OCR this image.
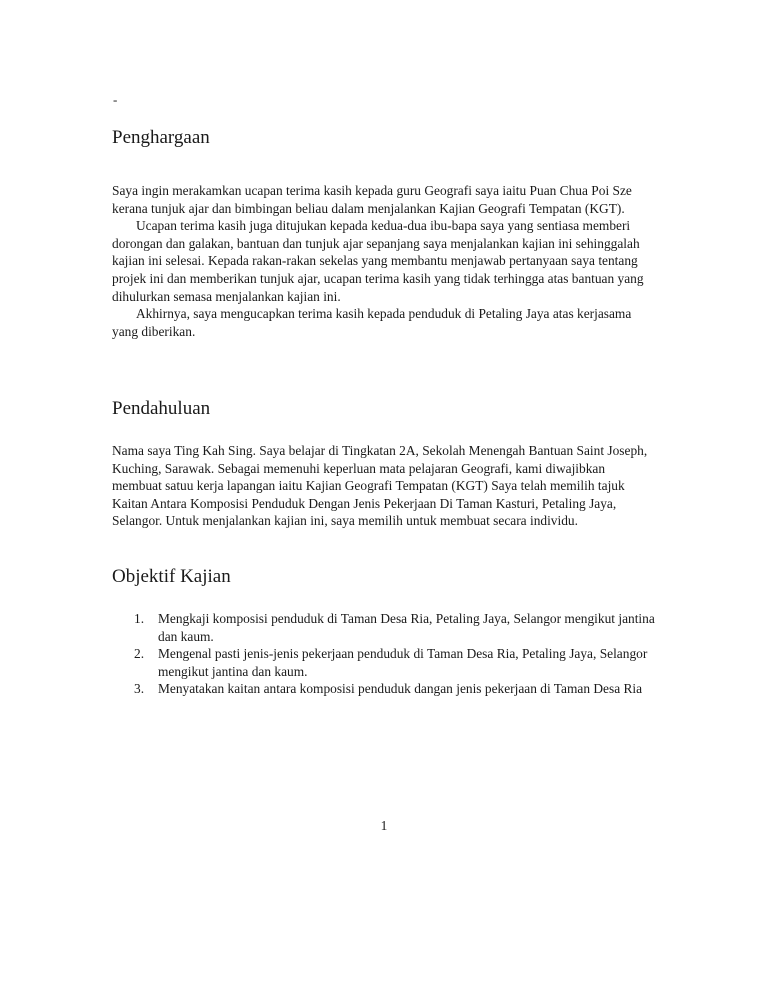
-
Penghargaan

Saya ingin merakamkan ucapan terima kasih kepada guru Geografi saya iaitu Puan Chua Poi Sze kerana tunjuk ajar dan bimbingan beliau dalam menjalankan Kajian Geografi Tempatan (KGT).

Ucapan terima kasih juga ditujukan kepada kedua-dua ibu-bapa saya yang sentiasa memberi dorongan dan galakan, bantuan dan tunjuk ajar sepanjang saya menjalankan kajian ini sehinggalah kajian ini selesai. Kepada rakan-rakan sekelas yang membantu menjawab pertanyaan saya tentang projek ini dan memberikan tunjuk ajar, ucapan terima kasih yang tidak terhingga atas bantuan yang dihulurkan semasa menjalankan kajian ini.

Akhirnya, saya mengucapkan terima kasih kepada penduduk di Petaling Jaya atas kerjasama yang diberikan.

Pendahuluan

Nama saya Ting Kah Sing. Saya belajar di Tingkatan 2A, Sekolah Menengah Bantuan Saint Joseph, Kuching, Sarawak. Sebagai memenuhi keperluan mata pelajaran Geografi, kami diwajibkan membuat satuu kerja lapangan iaitu Kajian Geografi Tempatan (KGT) Saya telah memilih tajuk Kaitan Antara Komposisi Penduduk Dengan Jenis Pekerjaan Di Taman Kasturi, Petaling Jaya, Selangor. Untuk menjalankan kajian ini, saya memilih untuk membuat secara individu.

Objektif Kajian
1. Mengkaji komposisi penduduk di Taman Desa Ria, Petaling Jaya, Selangor mengikut jantina dan kaum.
2. Mengenal pasti jenis-jenis pekerjaan penduduk di Taman Desa Ria, Petaling Jaya, Selangor mengikut jantina dan kaum.
3. Menyatakan kaitan antara komposisi penduduk dangan jenis pekerjaan di Taman Desa Ria
1
